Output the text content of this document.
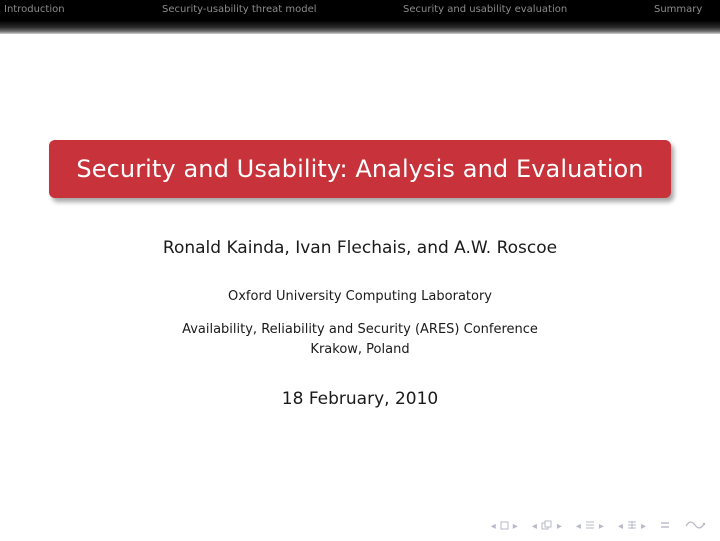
Introduction	Security-usability threat model	Security and usability evaluation	Summary
Security and Usability: Analysis and Evaluation
Ronald Kainda, Ivan Flechais, and A.W. Roscoe
Oxford University Computing Laboratory
Availability, Reliability and Security (ARES) Conference
Krakow, Poland
18 February, 2010
◂ ▸ ◂ ▸ ◂ ▸ ◂ ▸
